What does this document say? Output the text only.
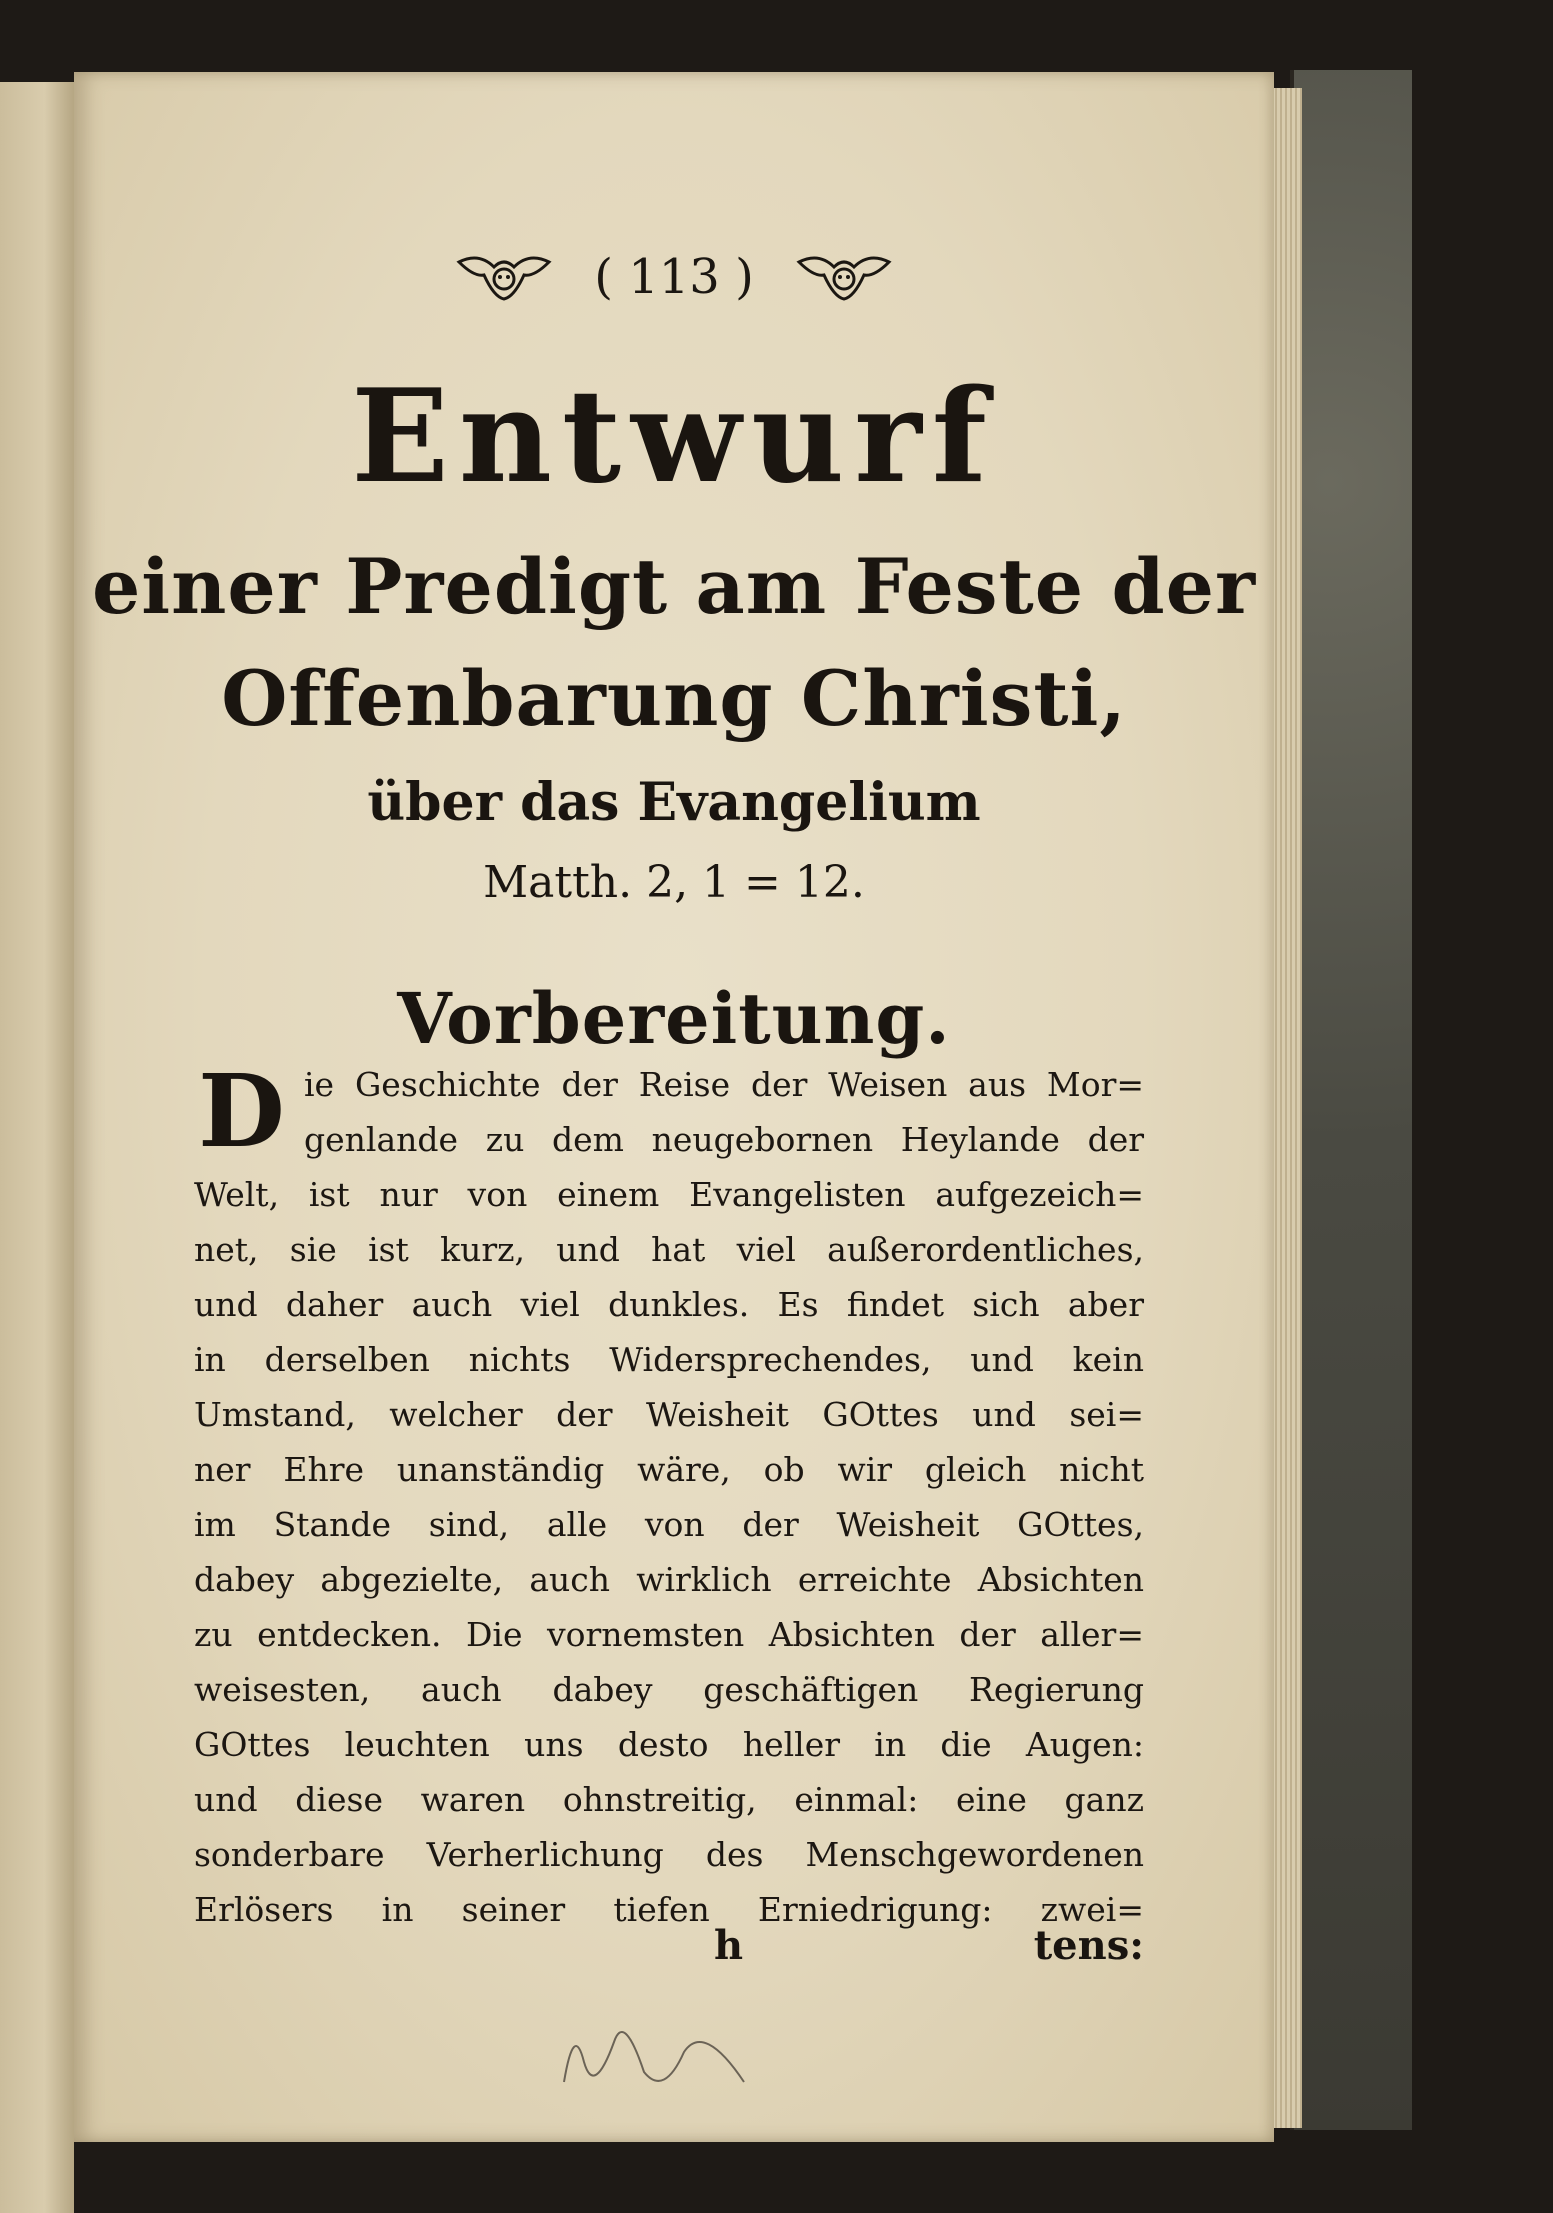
( 113 )
Entwurf
einer Predigt am Feste der
Offenbarung Christi,
über das Evangelium
Matth. 2, 1 = 12.
Vorbereitung.
D ie Geschichte der Reise der Weisen aus Mor=
genlande zu dem neugebornen Heylande der
Welt, ist nur von einem Evangelisten aufgezeich=
net, sie ist kurz, und hat viel außerordentliches,
und daher auch viel dunkles. Es findet sich aber
in derselben nichts Widersprechendes, und kein
Umstand, welcher der Weisheit GOttes und sei=
ner Ehre unanständig wäre, ob wir gleich nicht
im Stande sind, alle von der Weisheit GOttes,
dabey abgezielte, auch wirklich erreichte Absichten
zu entdecken. Die vornemsten Absichten der aller=
weisesten, auch dabey geschäftigen Regierung
GOttes leuchten uns desto heller in die Augen:
und diese waren ohnstreitig, einmal: eine ganz
sonderbare Verherlichung des Menschgewordenen
Erlösers in seiner tiefen Erniedrigung: zwei=
h	tens:
